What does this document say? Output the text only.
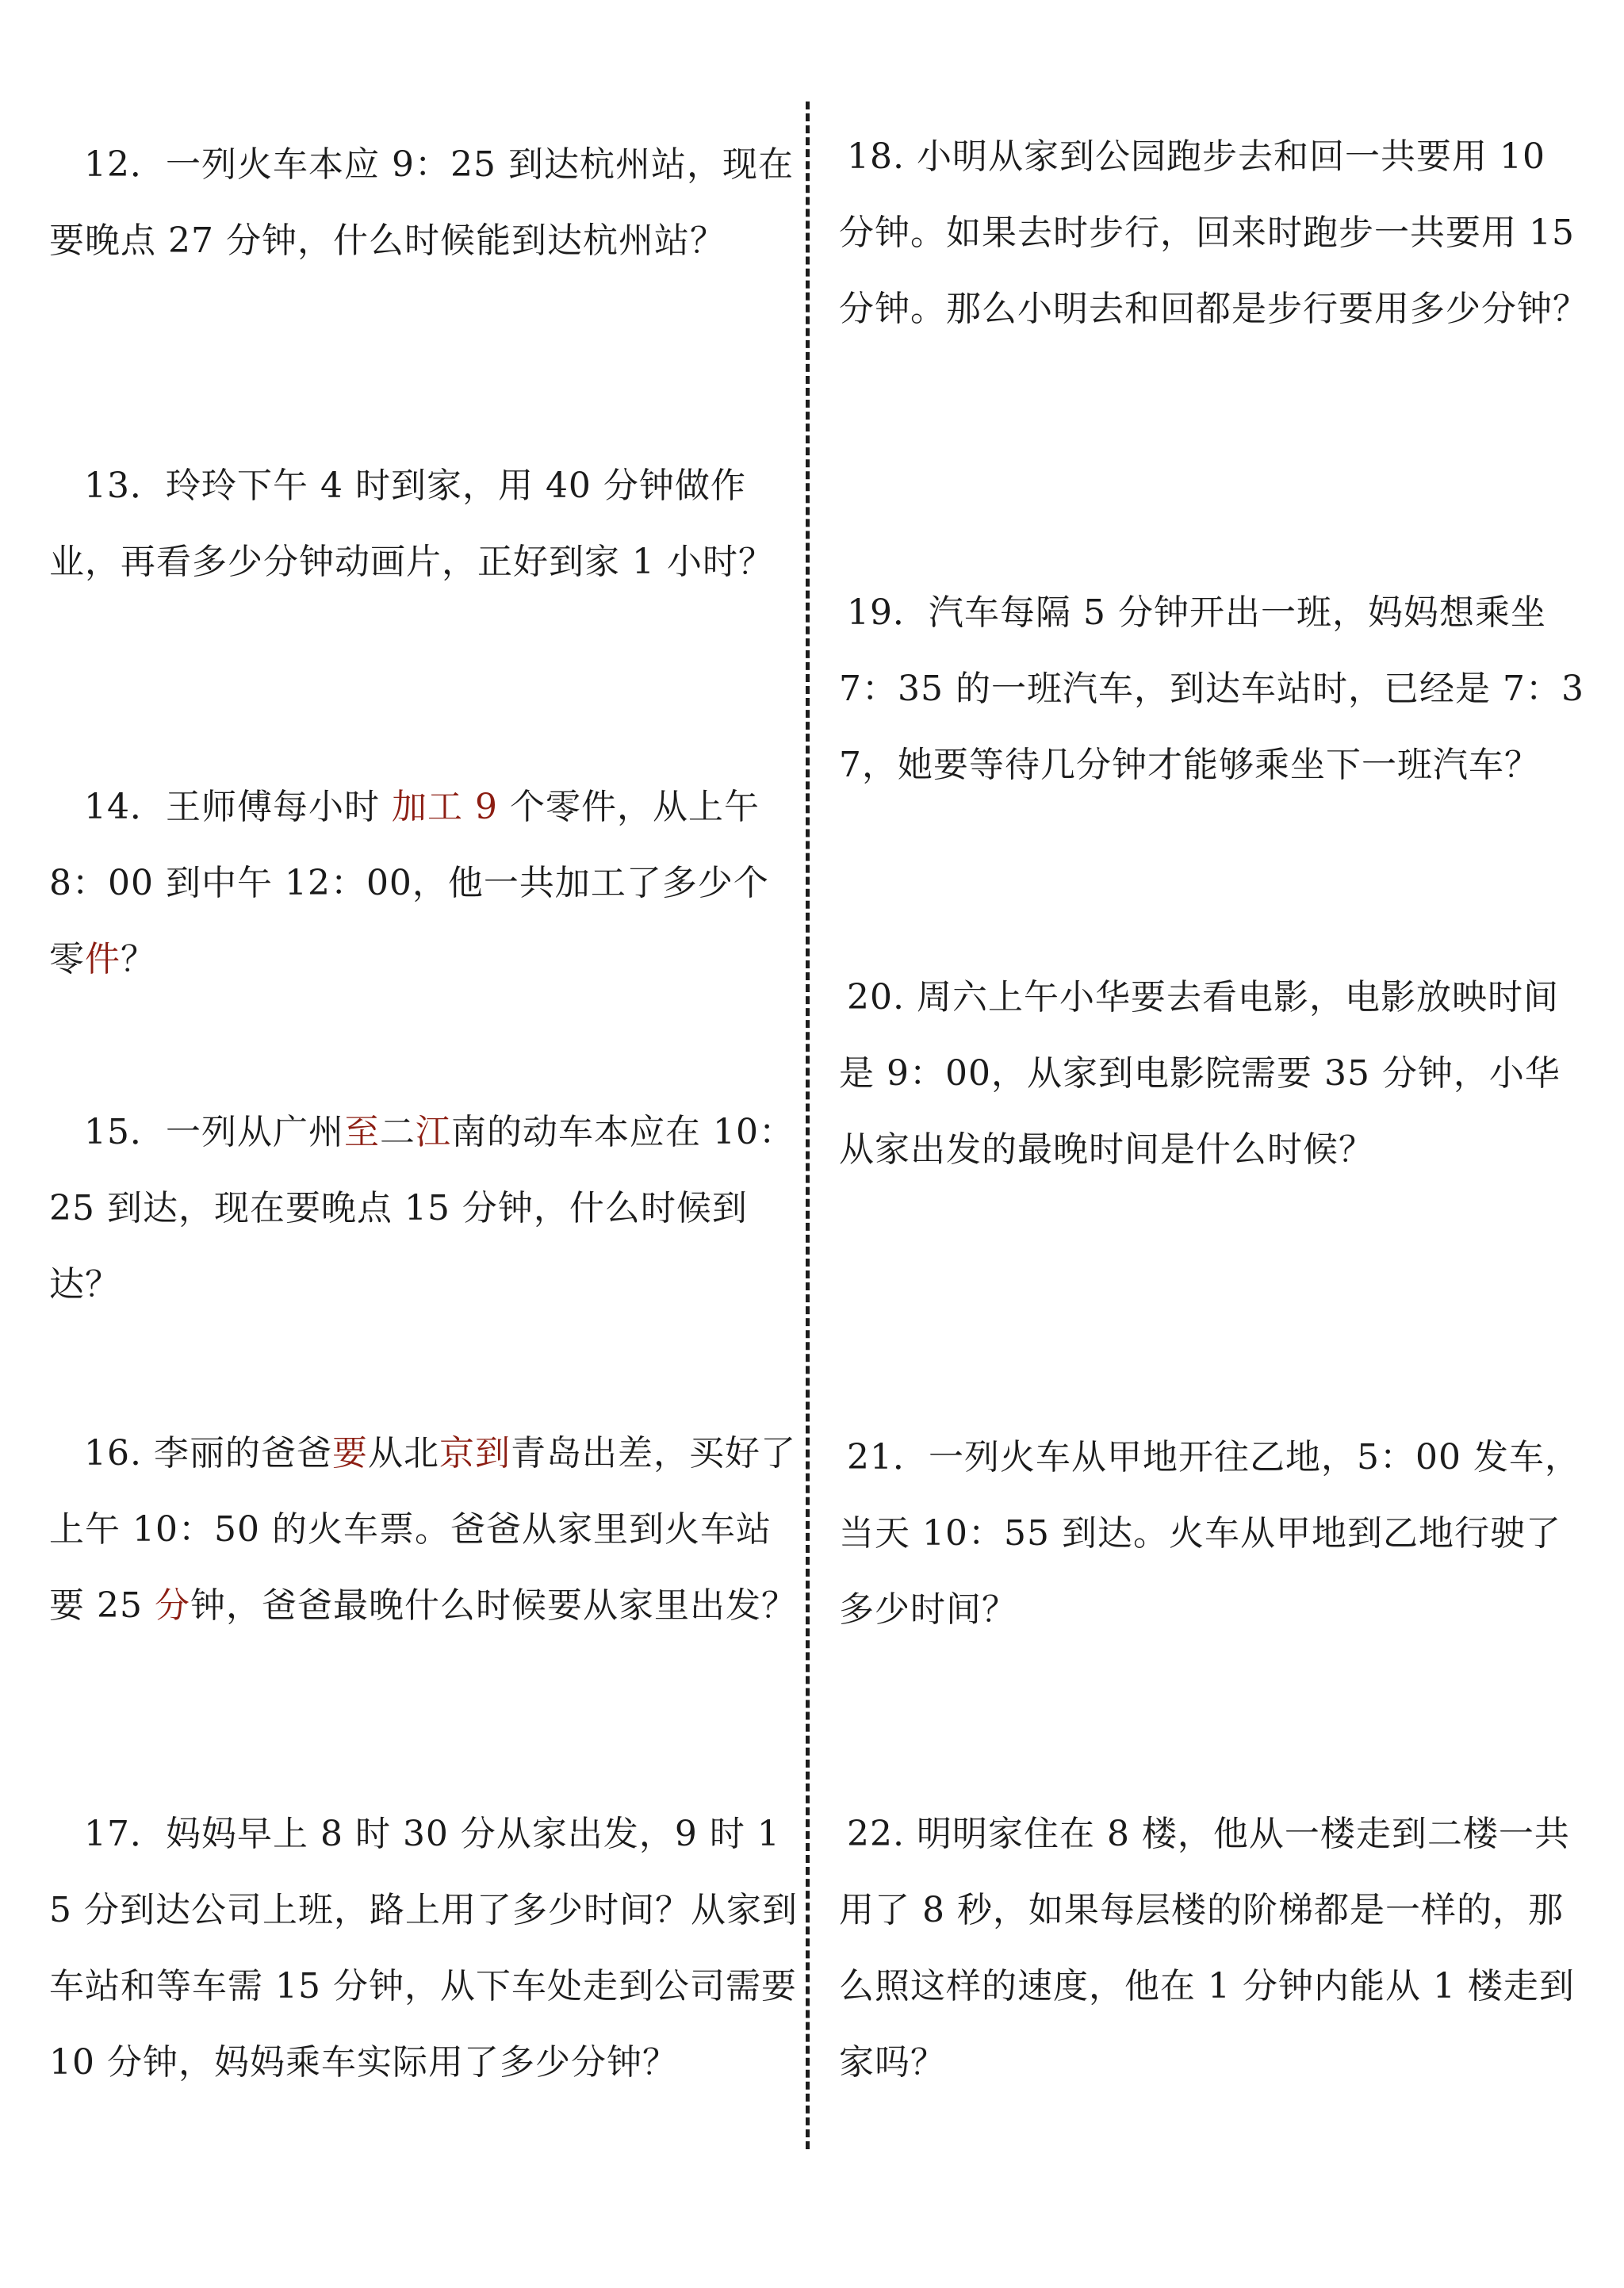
12．一列火车本应 9：25 到达杭州站，现在要晚点 27 分钟，什么时候能到达杭州站？

13．玲玲下午 4 时到家，用 40 分钟做作业，再看多少分钟动画片，正好到家 1 小时？

14．王师傅每小时 加工 9 个零件，从上午 8：00 到中午 12：00，他一共加工了多少个零件？

15．一列从广州至二江南的动车本应在 10：25 到达，现在要晚点 15 分钟，什么时候到达？

16. 李丽的爸爸要从北京到青岛出差，买好了上午 10：50 的火车票。爸爸从家里到火车站要 25 分钟，爸爸最晚什么时候要从家里出发？

17．妈妈早上 8 时 30 分从家出发，9 时 15 分到达公司上班，路上用了多少时间？从家到车站和等车需 15 分钟，从下车处走到公司需要 10 分钟，妈妈乘车实际用了多少分钟？

18. 小明从家到公园跑步去和回一共要用 10 分钟。如果去时步行，回来时跑步一共要用 15 分钟。那么小明去和回都是步行要用多少分钟？

19．汽车每隔 5 分钟开出一班，妈妈想乘坐 7：35 的一班汽车，到达车站时，已经是 7：37，她要等待几分钟才能够乘坐下一班汽车？

20. 周六上午小华要去看电影，电影放映时间是 9：00，从家到电影院需要 35 分钟，小华从家出发的最晚时间是什么时候？

21．一列火车从甲地开往乙地，5：00 发车，当天 10：55 到达。火车从甲地到乙地行驶了多少时间？

22. 明明家住在 8 楼，他从一楼走到二楼一共用了 8 秒，如果每层楼的阶梯都是一样的，那么照这样的速度，他在 1 分钟内能从 1 楼走到家吗？
